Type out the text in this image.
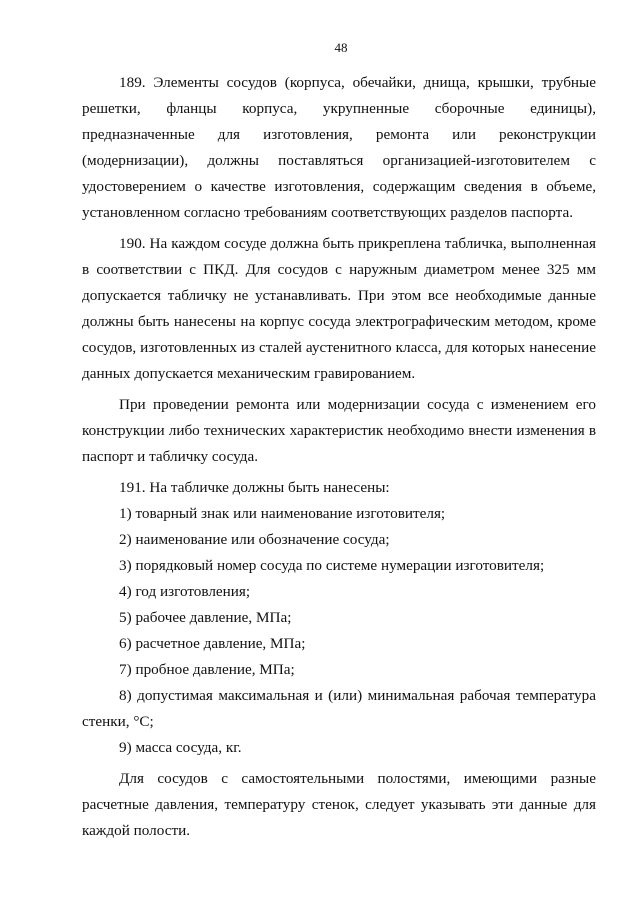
48

189. Элементы сосудов (корпуса, обечайки, днища, крышки, трубные решетки, фланцы корпуса, укрупненные сборочные единицы), предназначенные для изготовления, ремонта или реконструкции (модернизации), должны поставляться организацией-изготовителем с удостоверением о качестве изготовления, содержащим сведения в объеме, установленном согласно требованиям соответствующих разделов паспорта.

190. На каждом сосуде должна быть прикреплена табличка, выполненная в соответствии с ПКД. Для сосудов с наружным диаметром менее 325 мм допускается табличку не устанавливать. При этом все необходимые данные должны быть нанесены на корпус сосуда электрографическим методом, кроме сосудов, изготовленных из сталей аустенитного класса, для которых нанесение данных допускается механическим гравированием.

При проведении ремонта или модернизации сосуда с изменением его конструкции либо технических характеристик необходимо внести изменения в паспорт и табличку сосуда.

191. На табличке должны быть нанесены:

1) товарный знак или наименование изготовителя;

2) наименование или обозначение сосуда;

3) порядковый номер сосуда по системе нумерации изготовителя;

4) год изготовления;

5) рабочее давление, МПа;

6) расчетное давление, МПа;

7) пробное давление, МПа;

8) допустимая максимальная и (или) минимальная рабочая температура стенки, °С;

9) масса сосуда, кг.

Для сосудов с самостоятельными полостями, имеющими разные расчетные давления, температуру стенок, следует указывать эти данные для каждой полости.
